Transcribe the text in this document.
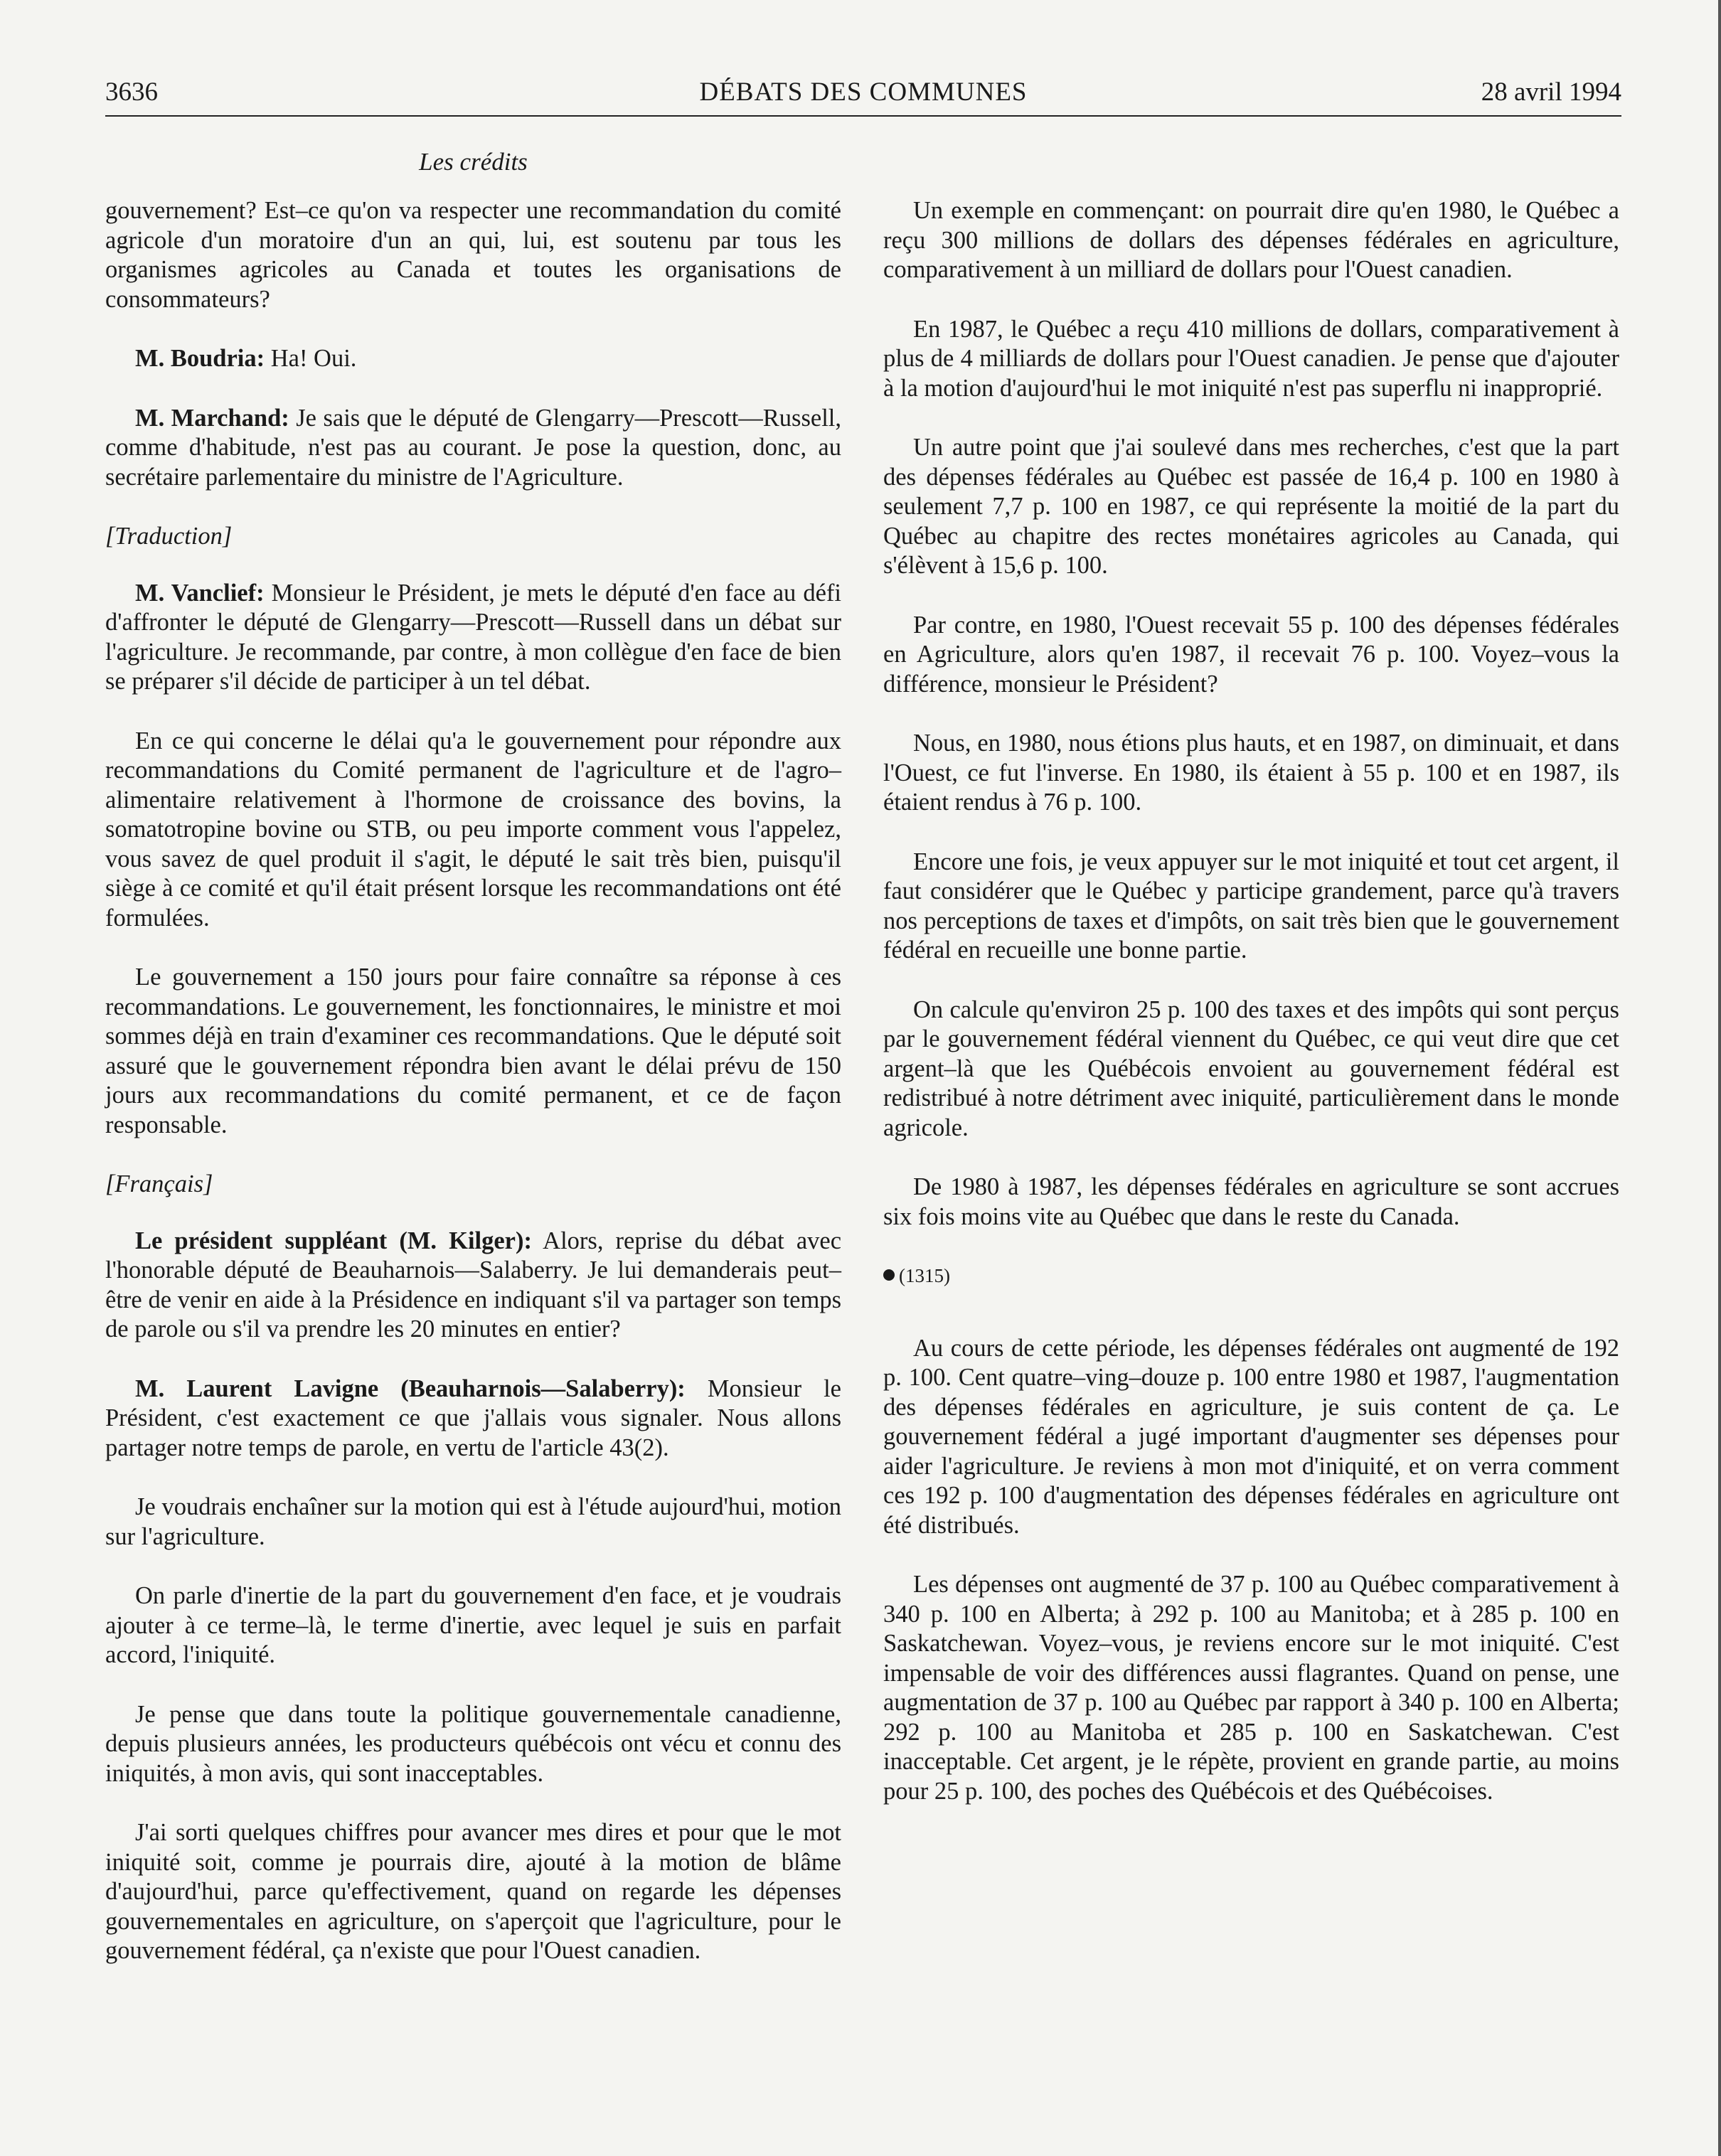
3636	DÉBATS DES COMMUNES	28 avril 1994
Les crédits

gouvernement? Est–ce qu'on va respecter une recommandation du comité agricole d'un moratoire d'un an qui, lui, est soutenu par tous les organismes agricoles au Canada et toutes les organisations de consommateurs?

M. Boudria: Ha! Oui.

M. Marchand: Je sais que le député de Glengarry—Prescott—Russell, comme d'habitude, n'est pas au courant. Je pose la question, donc, au secrétaire parlementaire du ministre de l'Agriculture.

[Traduction]

M. Vanclief: Monsieur le Président, je mets le député d'en face au défi d'affronter le député de Glengarry—Prescott—Russell dans un débat sur l'agriculture. Je recommande, par contre, à mon collègue d'en face de bien se préparer s'il décide de participer à un tel débat.

En ce qui concerne le délai qu'a le gouvernement pour répondre aux recommandations du Comité permanent de l'agriculture et de l'agro–alimentaire relativement à l'hormone de croissance des bovins, la somatotropine bovine ou STB, ou peu importe comment vous l'appelez, vous savez de quel produit il s'agit, le député le sait très bien, puisqu'il siège à ce comité et qu'il était présent lorsque les recommandations ont été formulées.

Le gouvernement a 150 jours pour faire connaître sa réponse à ces recommandations. Le gouvernement, les fonctionnaires, le ministre et moi sommes déjà en train d'examiner ces recommandations. Que le député soit assuré que le gouvernement répondra bien avant le délai prévu de 150 jours aux recommandations du comité permanent, et ce de façon responsable.

[Français]

Le président suppléant (M. Kilger): Alors, reprise du débat avec l'honorable député de Beauharnois—Salaberry. Je lui demanderais peut–être de venir en aide à la Présidence en indiquant s'il va partager son temps de parole ou s'il va prendre les 20 minutes en entier?

M. Laurent Lavigne (Beauharnois—Salaberry): Monsieur le Président, c'est exactement ce que j'allais vous signaler. Nous allons partager notre temps de parole, en vertu de l'article 43(2).

Je voudrais enchaîner sur la motion qui est à l'étude aujourd'hui, motion sur l'agriculture.

On parle d'inertie de la part du gouvernement d'en face, et je voudrais ajouter à ce terme–là, le terme d'inertie, avec lequel je suis en parfait accord, l'iniquité.

Je pense que dans toute la politique gouvernementale canadienne, depuis plusieurs années, les producteurs québécois ont vécu et connu des iniquités, à mon avis, qui sont inacceptables.

J'ai sorti quelques chiffres pour avancer mes dires et pour que le mot iniquité soit, comme je pourrais dire, ajouté à la motion de blâme d'aujourd'hui, parce qu'effectivement, quand on regarde les dépenses gouvernementales en agriculture, on s'aperçoit que l'agriculture, pour le gouvernement fédéral, ça n'existe que pour l'Ouest canadien.

Un exemple en commençant: on pourrait dire qu'en 1980, le Québec a reçu 300 millions de dollars des dépenses fédérales en agriculture, comparativement à un milliard de dollars pour l'Ouest canadien.

En 1987, le Québec a reçu 410 millions de dollars, comparativement à plus de 4 milliards de dollars pour l'Ouest canadien. Je pense que d'ajouter à la motion d'aujourd'hui le mot iniquité n'est pas superflu ni inapproprié.

Un autre point que j'ai soulevé dans mes recherches, c'est que la part des dépenses fédérales au Québec est passée de 16,4 p. 100 en 1980 à seulement 7,7 p. 100 en 1987, ce qui représente la moitié de la part du Québec au chapitre des rectes monétaires agricoles au Canada, qui s'élèvent à 15,6 p. 100.

Par contre, en 1980, l'Ouest recevait 55 p. 100 des dépenses fédérales en Agriculture, alors qu'en 1987, il recevait 76 p. 100. Voyez–vous la différence, monsieur le Président?

Nous, en 1980, nous étions plus hauts, et en 1987, on diminuait, et dans l'Ouest, ce fut l'inverse. En 1980, ils étaient à 55 p. 100 et en 1987, ils étaient rendus à 76 p. 100.

Encore une fois, je veux appuyer sur le mot iniquité et tout cet argent, il faut considérer que le Québec y participe grandement, parce qu'à travers nos perceptions de taxes et d'impôts, on sait très bien que le gouvernement fédéral en recueille une bonne partie.

On calcule qu'environ 25 p. 100 des taxes et des impôts qui sont perçus par le gouvernement fédéral viennent du Québec, ce qui veut dire que cet argent–là que les Québécois envoient au gouvernement fédéral est redistribué à notre détriment avec iniquité, particulièrement dans le monde agricole.

De 1980 à 1987, les dépenses fédérales en agriculture se sont accrues six fois moins vite au Québec que dans le reste du Canada.

(1315)

Au cours de cette période, les dépenses fédérales ont augmenté de 192 p. 100. Cent quatre–ving–douze p. 100 entre 1980 et 1987, l'augmentation des dépenses fédérales en agriculture, je suis content de ça. Le gouvernement fédéral a jugé important d'augmenter ses dépenses pour aider l'agriculture. Je reviens à mon mot d'iniquité, et on verra comment ces 192 p. 100 d'augmentation des dépenses fédérales en agriculture ont été distribués.

Les dépenses ont augmenté de 37 p. 100 au Québec comparativement à 340 p. 100 en Alberta; à 292 p. 100 au Manitoba; et à 285 p. 100 en Saskatchewan. Voyez–vous, je reviens encore sur le mot iniquité. C'est impensable de voir des différences aussi flagrantes. Quand on pense, une augmentation de 37 p. 100 au Québec par rapport à 340 p. 100 en Alberta; 292 p. 100 au Manitoba et 285 p. 100 en Saskatchewan. C'est inacceptable. Cet argent, je le répète, provient en grande partie, au moins pour 25 p. 100, des poches des Québécois et des Québécoises.
